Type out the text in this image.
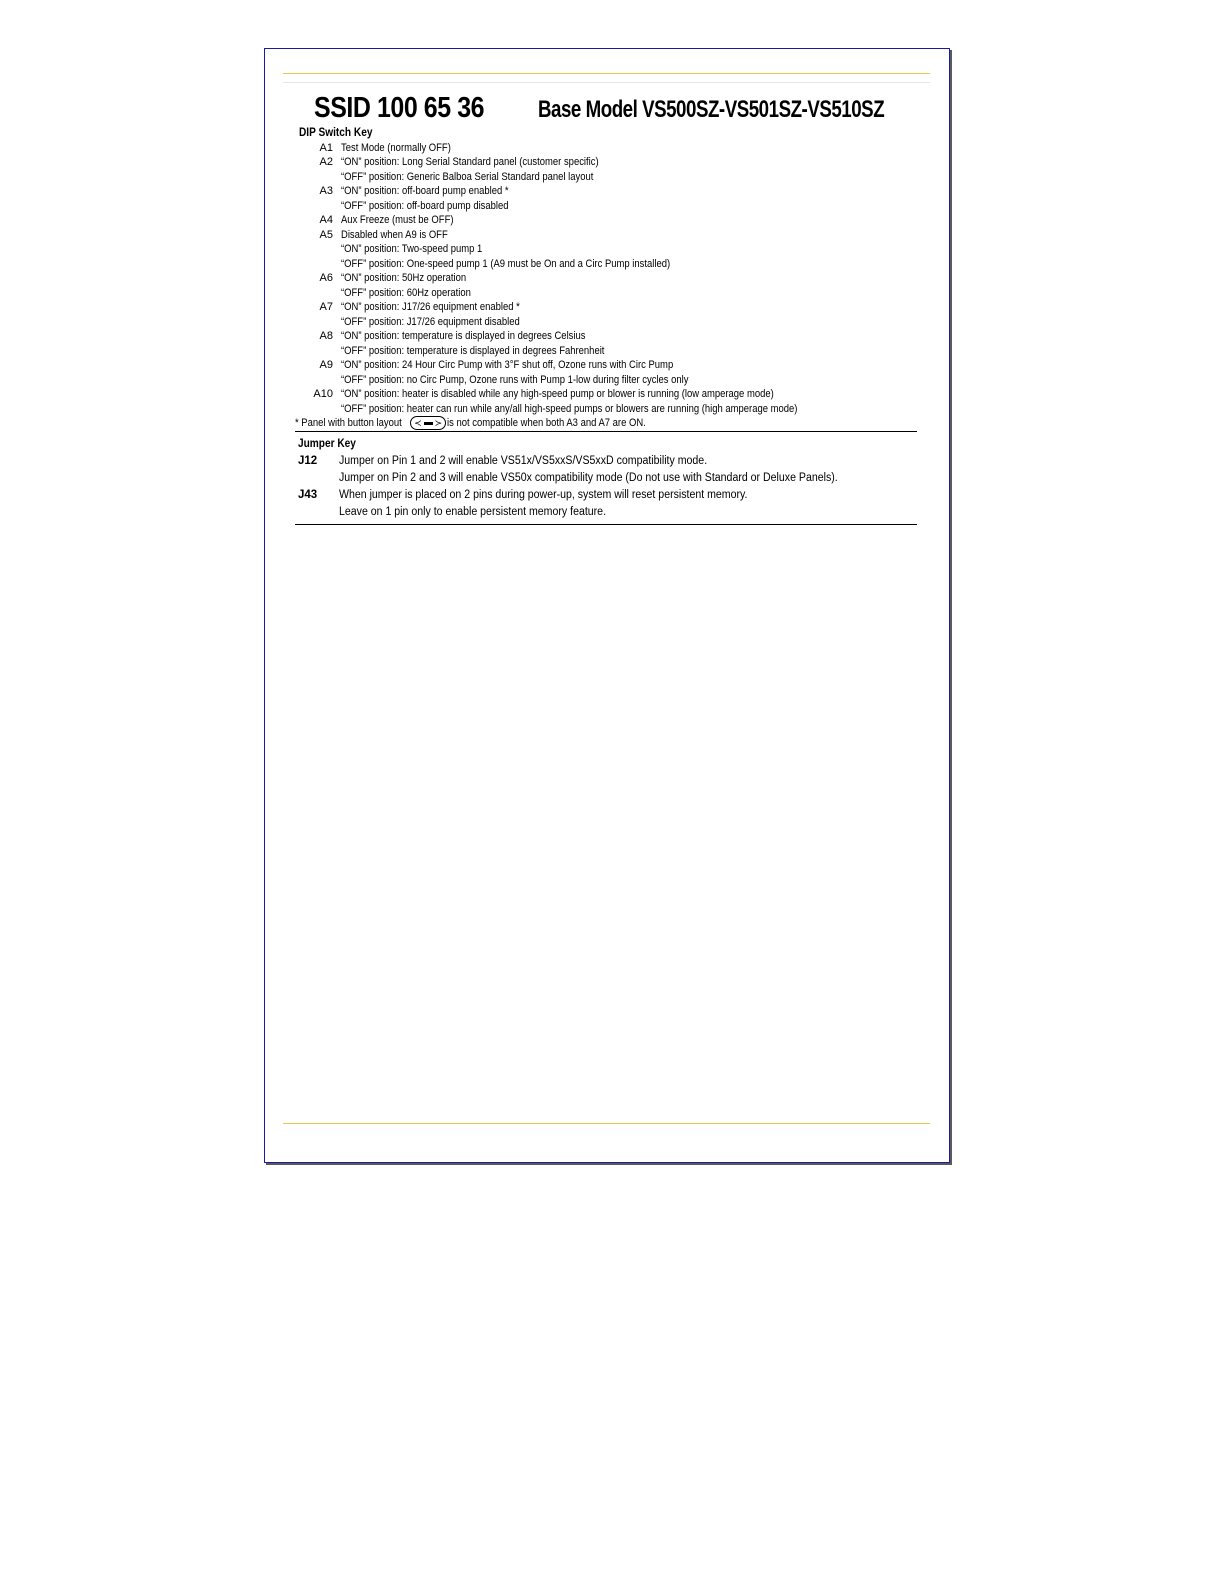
SSID 100 65 36 Base Model VS500SZ-VS501SZ-VS510SZ
DIP Switch Key
A1 Test Mode (normally OFF)
A2 “ON” position: Long Serial Standard panel (customer specific)
“OFF” position: Generic Balboa Serial Standard panel layout
A3 “ON” position: off-board pump enabled *
“OFF” position: off-board pump disabled
A4 Aux Freeze (must be OFF)
A5 Disabled when A9 is OFF
“ON” position: Two-speed pump 1
“OFF” position: One-speed pump 1 (A9 must be On and a Circ Pump installed)
A6 “ON” position: 50Hz operation
“OFF” position: 60Hz operation
A7 “ON” position: J17/26 equipment enabled *
“OFF” position: J17/26 equipment disabled
A8 “ON” position: temperature is displayed in degrees Celsius
“OFF” position: temperature is displayed in degrees Fahrenheit
A9 “ON” position: 24 Hour Circ Pump with 3°F shut off, Ozone runs with Circ Pump
“OFF” position: no Circ Pump, Ozone runs with Pump 1-low during filter cycles only
A10 “ON” position: heater is disabled while any high-speed pump or blower is running (low amperage mode)
“OFF” position: heater can run while any/all high-speed pumps or blowers are running (high amperage mode)
* Panel with button layout ≺ ≻ is not compatible when both A3 and A7 are ON.
Jumper Key
J12	Jumper on Pin 1 and 2 will enable VS51x/VS5xxS/VS5xxD compatibility mode.
Jumper on Pin 2 and 3 will enable VS50x compatibility mode (Do not use with Standard or Deluxe Panels).
J43	When jumper is placed on 2 pins during power-up, system will reset persistent memory.
Leave on 1 pin only to enable persistent memory feature.
